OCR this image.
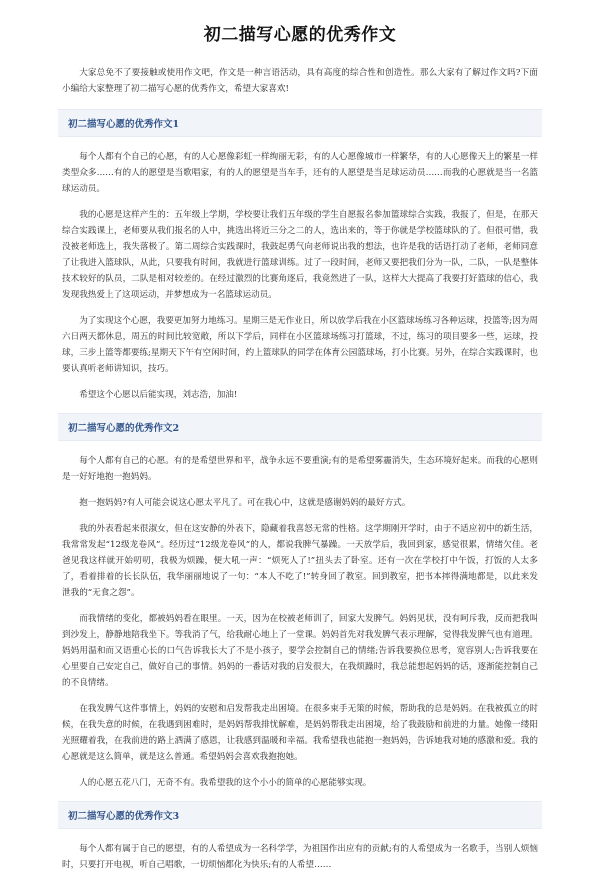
初二描写心愿的优秀作文

大家总免不了要接触或使用作文吧，作文是一种言语活动，具有高度的综合性和创造性。那么大家有了解过作文吗?下面小编给大家整理了初二描写心愿的优秀作文，希望大家喜欢!

初二描写心愿的优秀作文1

每个人都有个自己的心愿，有的人心愿像彩虹一样绚丽无彩，有的人心愿像城市一样繁华，有的人心愿像天上的繁星一样类型众多……有的人的愿望是当歌唱家，有的人的愿望是当车手，还有的人愿望是当足球运动员……而我的心愿就是当一名篮球运动员。

我的心愿是这样产生的：五年级上学期，学校要让我们五年级的学生自愿报名参加篮球综合实践，我报了，但是，在那天综合实践课上，老师要从我们报名的人中，挑选出将近三分之二的人，选出来的，等于你就是学校篮球队的了。但很可惜，我没被老师选上，我失落极了。第二周综合实践课时，我鼓起勇气向老师说出我的想法，也许是我的话语打动了老师，老师同意了让我进入篮球队，从此，只要我有时间，我就进行篮球训练。过了一段时间，老师又要把我们分为一队，二队，一队是整体技术较好的队员，二队是相对较差的。在经过激烈的比赛角逐后，我竟然进了一队，这样大大提高了我要打好篮球的信心，我发现我热爱上了这项运动，并梦想成为一名篮球运动员。

为了实现这个心愿，我要更加努力地练习。星期三是无作业日，所以放学后我在小区篮球场练习各种运球，投篮等;因为周六日两天都休息，周五的时间比较宽敞，所以下学后，同样在小区篮球场练习打篮球，不过，练习的项目要多一些，运球，投球，三步上篮等都要练;星期天下午有空闲时间，约上篮球队的同学在体育公园篮球场，打小比赛。另外，在综合实践课时，也要认真听老师讲知识，技巧。

希望这个心愿以后能实现，刘志浩，加油!

初二描写心愿的优秀作文2

每个人都有自己的心愿。有的是希望世界和平，战争永远不要重演;有的是希望雾霾消失，生态环境好起来。而我的心愿则是一好好地抱一抱妈妈。

抱一抱妈妈?有人可能会说这心愿太平凡了。可在我心中，这就是感谢妈妈的最好方式。

我的外表看起来很淑女，但在这安静的外表下，隐藏着我喜怒无常的性格。这学期刚开学时，由于不适应初中的新生活，我常常发起“12级龙卷风”。经历过“12级龙卷风”的人，都说我脾气暴躁。一天放学后，我回到家，感觉很累，情绪欠佳。老爸见我这样就开始叨叨，我极为烦躁，便大吼一声：“烦死人了!”扭头去了卧室。还有一次在学校打中午饭，打饭的人太多了，看着排着的长长队伍，我华丽丽地说了一句：“本人不吃了!”转身回了教室。回到教室，把书本摔得满地都是，以此来发泄我的“无食之怨”。

而我情绪的变化，都被妈妈看在眼里。一天，因为在校被老师训了，回家大发脾气。妈妈见状，没有呵斥我，反而把我叫到沙发上，静静地陪我坐下。等我消了气，给我耐心地上了一堂课。妈妈首先对我发脾气表示理解，觉得我发脾气也有道理。妈妈用温和而又语重心长的口气告诉我长大了不是小孩子，要学会控制自己的情绪;告诉我要换位思考，宽容别人;告诉我要在心里要自己安定自己，做好自己的事情。妈妈的一番话对我的启发很大，在我烦躁时，我总能想起妈妈的话，逐渐能控制自己的不良情绪。

在我发脾气这件事情上，妈妈的安慰和启发帮我走出困境。在很多束手无策的时候，帮助我的总是妈妈。在我被孤立的时候，在我失意的时候，在我遇到困难时，是妈妈帮我排忧解难，是妈妈帮我走出困境，给了我鼓励和前进的力量。她像一缕阳光照耀着我，在我前进的路上洒满了感恩，让我感到温暖和幸福。我希望我也能抱一抱妈妈，告诉她我对她的感激和爱。我的心愿就是这么简单，就是这么普通。希望妈妈会喜欢我抱抱她。

人的心愿五花八门，无奇不有。我希望我的这个小小的简单的心愿能够实现。

初二描写心愿的优秀作文3

每个人都有属于自己的愿望，有的人希望成为一名科学学，为祖国作出应有的贡献;有的人希望成为一名歌手，当别人烦恼时，只要打开电视，听自己唱歌，一切烦恼都化为快乐;有的人希望……
